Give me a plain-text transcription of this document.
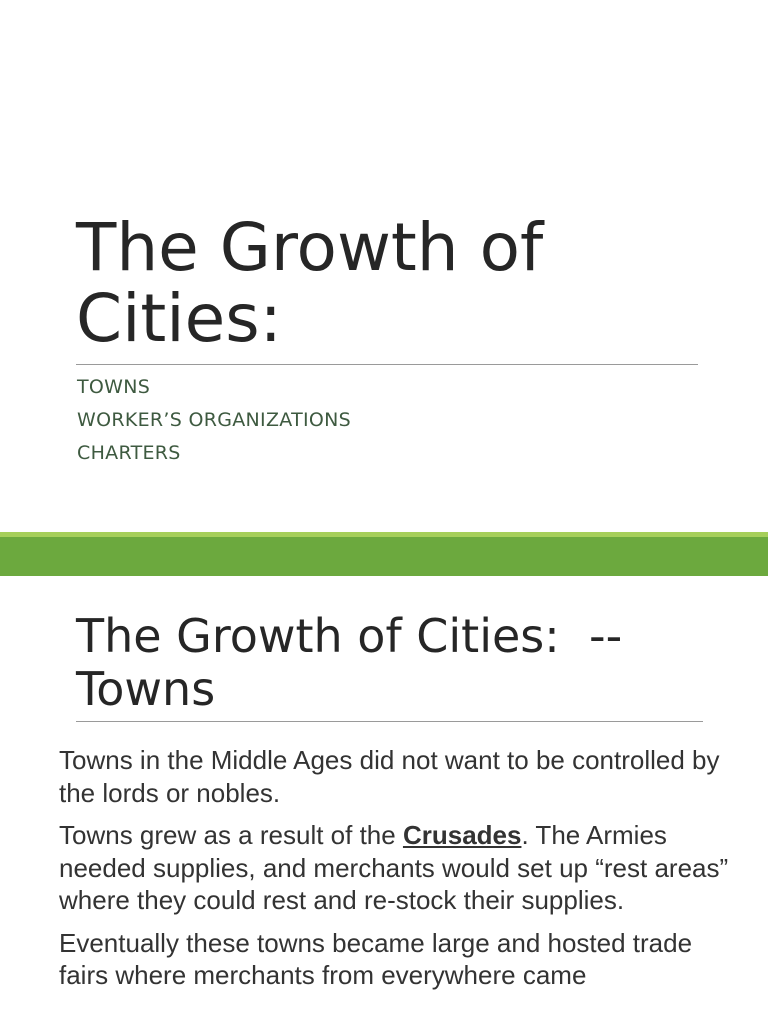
The Growth of
Cities:
TOWNS
WORKER’S ORGANIZATIONS
CHARTERS
The Growth of Cities:  --
Towns

Towns in the Middle Ages did not want to be controlled by the lords or nobles.

Towns grew as a result of the Crusades. The Armies needed supplies, and merchants would set up “rest areas” where they could rest and re-stock their supplies.

Eventually these towns became large and hosted trade fairs where merchants from everywhere came
